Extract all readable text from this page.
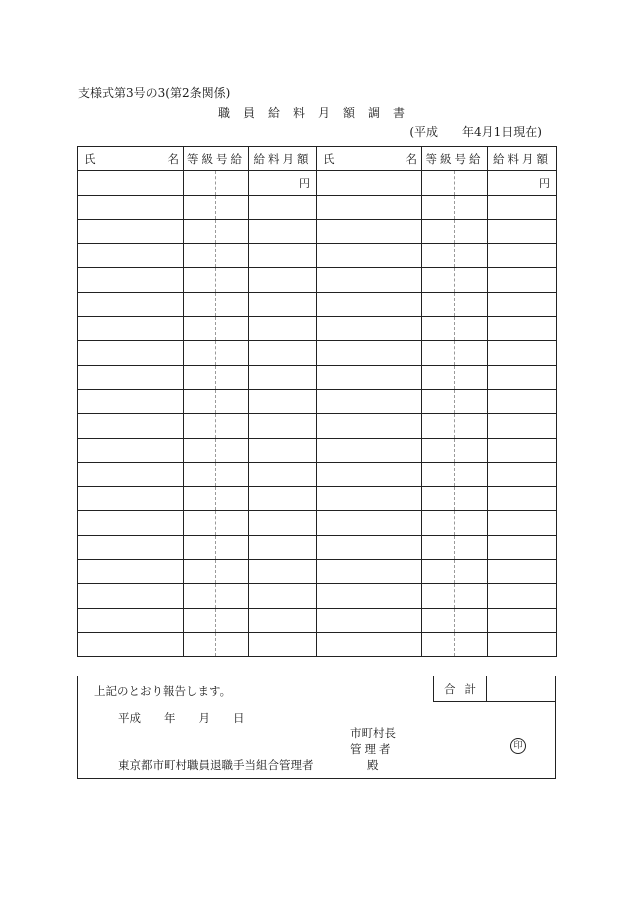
支様式第3号の3(第2条関係)
職員給料月額調書
(平成　　年4月1日現在)
氏 名	等級号給		給料月額	氏 名	等級号給		給料月額
			円				円

上記のとおり報告します。	合 計
平成　　年　　月　　日
市町村長
管理者	印
東京都市町村職員退職手当組合管理者	殿
